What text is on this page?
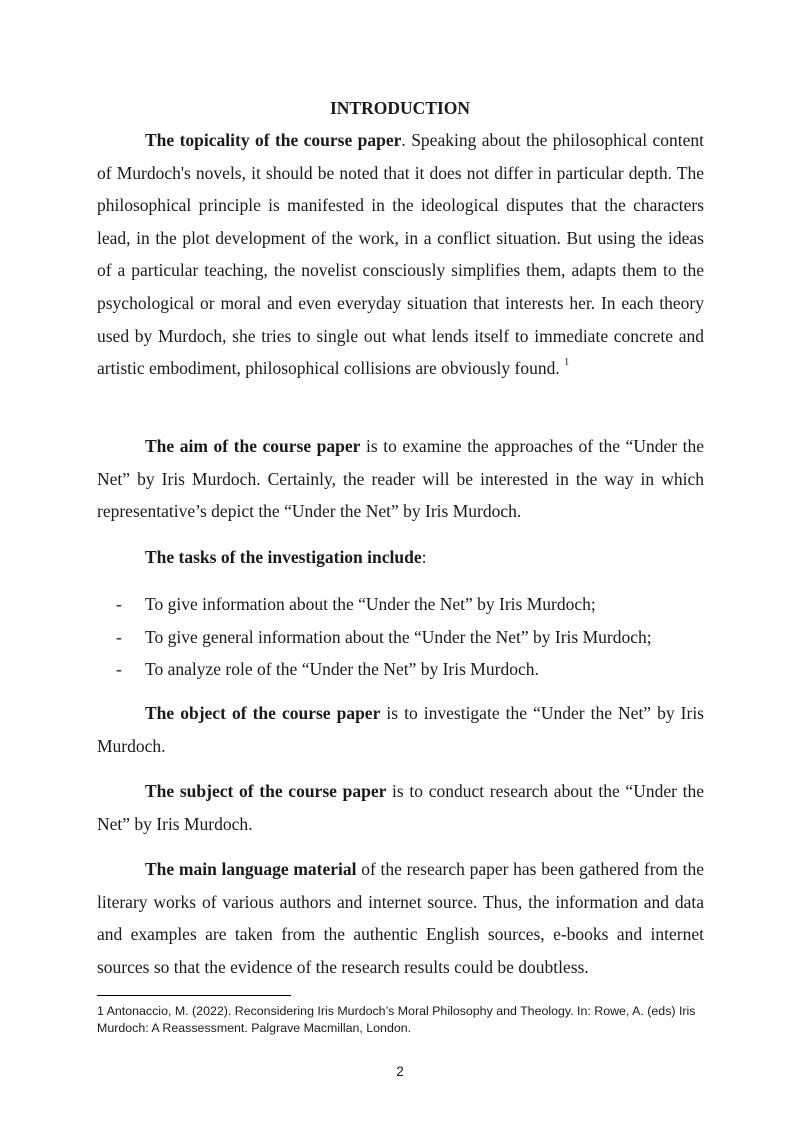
INTRODUCTION

The topicality of the course paper. Speaking about the philosophical content of Murdoch's novels, it should be noted that it does not differ in particular depth. The philosophical principle is manifested in the ideological disputes that the characters lead, in the plot development of the work, in a conflict situation. But using the ideas of a particular teaching, the novelist consciously simplifies them, adapts them to the psychological or moral and even everyday situation that interests her. In each theory used by Murdoch, she tries to single out what lends itself to immediate concrete and artistic embodiment, philosophical collisions are obviously found. $^1$

The aim of the course paper is to examine the approaches of the “Under the Net” by Iris Murdoch. Certainly, the reader will be interested in the way in which representative’s depict the “Under the Net” by Iris Murdoch.

The tasks of the investigation include:
- To give information about the “Under the Net” by Iris Murdoch;
- To give general information about the “Under the Net” by Iris Murdoch;
- To analyze role of the “Under the Net” by Iris Murdoch.

The object of the course paper is to investigate the “Under the Net” by Iris Murdoch.

The subject of the course paper is to conduct research about the “Under the Net” by Iris Murdoch.

The main language material of the research paper has been gathered from the literary works of various authors and internet source. Thus, the information and data and examples are taken from the authentic English sources, e-books and internet sources so that the evidence of the research results could be doubtless.

1 Antonaccio, M. (2022). Reconsidering Iris Murdoch’s Moral Philosophy and Theology. In: Rowe, A. (eds) Iris Murdoch: A Reassessment. Palgrave Macmillan, London.
2
